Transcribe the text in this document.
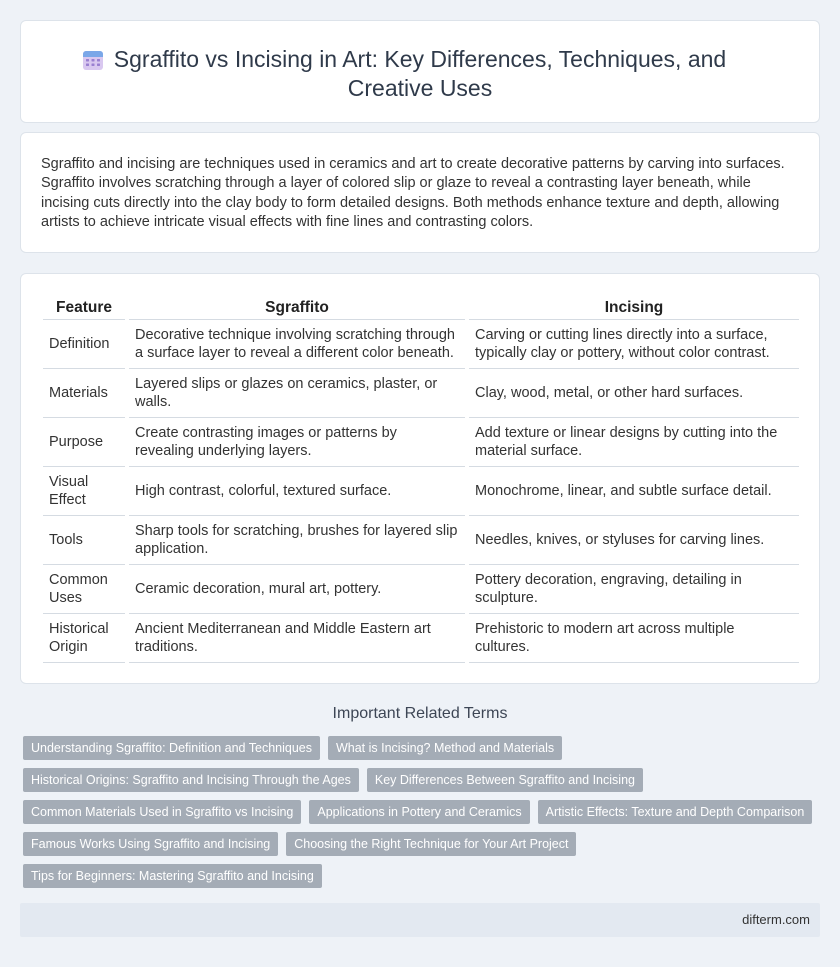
Sgraffito vs Incising in Art: Key Differences, Techniques, and Creative Uses

Sgraffito and incising are techniques used in ceramics and art to create decorative patterns by carving into surfaces. Sgraffito involves scratching through a layer of colored slip or glaze to reveal a contrasting layer beneath, while incising cuts directly into the clay body to form detailed designs. Both methods enhance texture and depth, allowing artists to achieve intricate visual effects with fine lines and contrasting colors.

Feature	Sgraffito	Incising
Definition	Decorative technique involving scratching through a surface layer to reveal a different color beneath.	Carving or cutting lines directly into a surface, typically clay or pottery, without color contrast.
Materials	Layered slips or glazes on ceramics, plaster, or walls.	Clay, wood, metal, or other hard surfaces.
Purpose	Create contrasting images or patterns by revealing underlying layers.	Add texture or linear designs by cutting into the material surface.
Visual Effect	High contrast, colorful, textured surface.	Monochrome, linear, and subtle surface detail.
Tools	Sharp tools for scratching, brushes for layered slip application.	Needles, knives, or styluses for carving lines.
Common Uses	Ceramic decoration, mural art, pottery.	Pottery decoration, engraving, detailing in sculpture.
Historical Origin	Ancient Mediterranean and Middle Eastern art traditions.	Prehistoric to modern art across multiple cultures.
Important Related Terms
Understanding Sgraffito: Definition and Techniques	What is Incising? Method and Materials
Historical Origins: Sgraffito and Incising Through the Ages	Key Differences Between Sgraffito and Incising
Common Materials Used in Sgraffito vs Incising	Applications in Pottery and Ceramics	Artistic Effects: Texture and Depth Comparison
Famous Works Using Sgraffito and Incising	Choosing the Right Technique for Your Art Project
Tips for Beginners: Mastering Sgraffito and Incising
difterm.com
